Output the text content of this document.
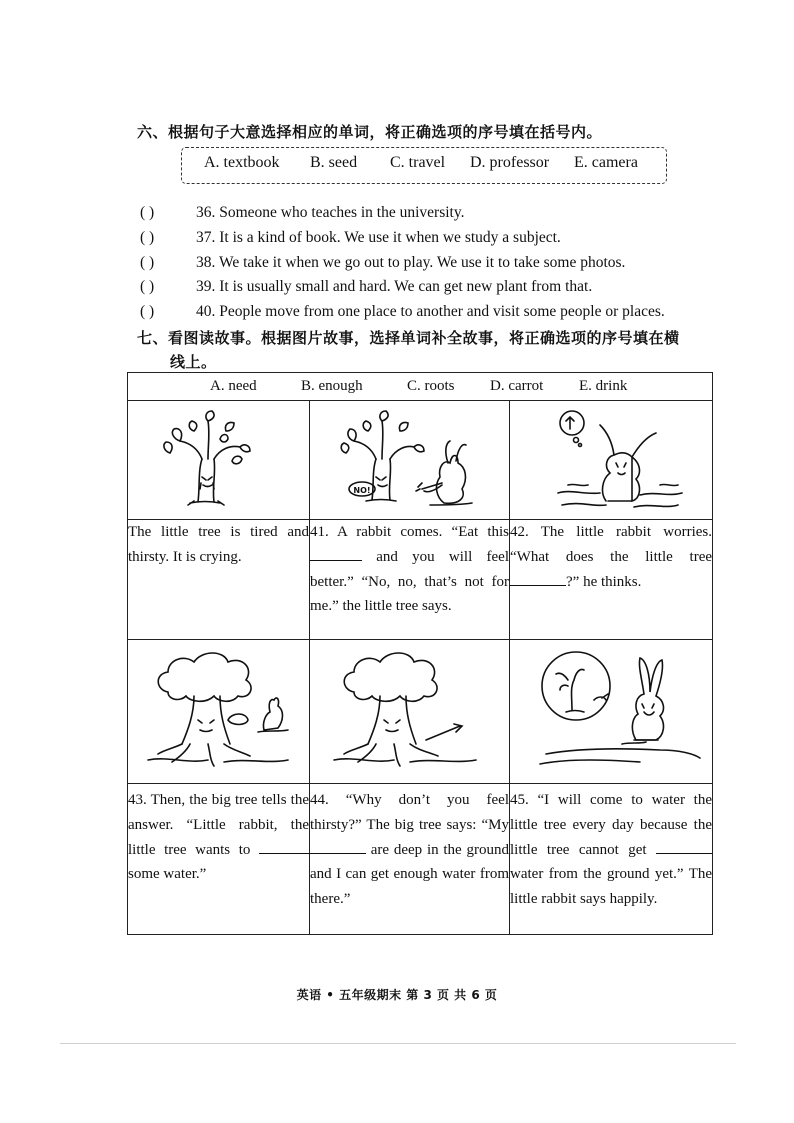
六、根据句子大意选择相应的单词，将正确选项的序号填在括号内。
A. textbook B. seed C. travel D. professor E. camera
( )	36. Someone who teaches in the university.
( )	37. It is a kind of book. We use it when we study a subject.
( )	38. We take it when we go out to play. We use it to take some photos.
( )	39. It is usually small and hard. We can get new plant from that.
( )	40. People move from one place to another and visit some people or places.
七、看图读故事。根据图片故事，选择单词补全故事，将正确选项的序号填在横
线上。
A. need B. enough C. roots D. carrot E. drink		

NO!

The little tree is tired and thirsty. It is crying.	41. A rabbit comes. “Eat this  and you will feel better.” “No, no, that’s not for me.” the little tree says.	42. The little rabbit worries. “What does the little tree ?” he thinks.

43. Then, the big tree tells the answer. “Little rabbit, the little tree wants to  some water.”	44. “Why don’t you feel thirsty?” The big tree says: “My  are deep in the ground and I can get enough water from there.”	45. “I will come to water the little tree every day because the little tree cannot get  water from the ground yet.” The little rabbit says happily.
英语 • 五年级期末 第 3 页 共 6 页
